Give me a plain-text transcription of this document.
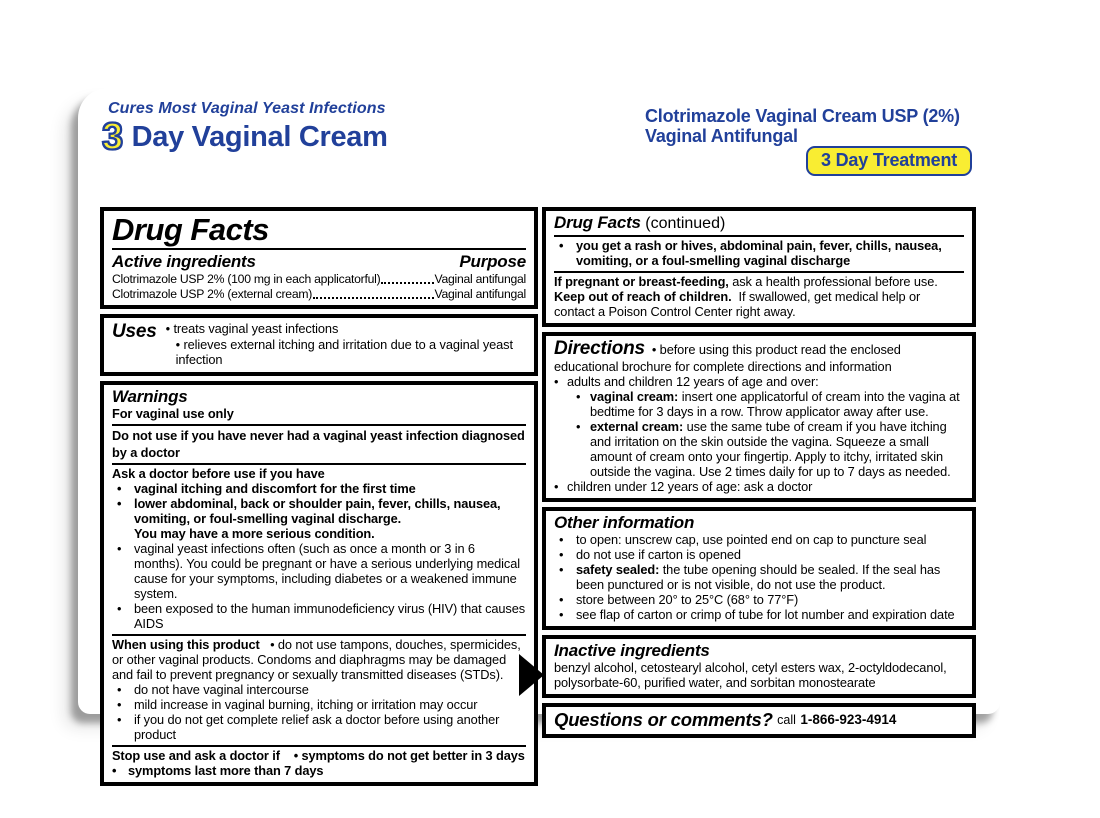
Cures Most Vaginal Yeast Infections
3 Day Vaginal Cream
Clotrimazole Vaginal Cream USP (2%)
Vaginal Antifungal
3 Day Treatment
Drug Facts
Active ingredients	Purpose
Clotrimazole USP 2% (100 mg in each applicatorful)	Vaginal antifungal
Clotrimazole USP 2% (external cream)	Vaginal antifungal
Uses	• treats vaginal yeast infections
• relieves external itching and irritation due to a vaginal yeast infection
Warnings
For vaginal use only
Do not use if you have never had a vaginal yeast infection diagnosed by a doctor
Ask a doctor before use if you have
• vaginal itching and discomfort for the first time
• lower abdominal, back or shoulder pain, fever, chills, nausea, vomiting, or foul-smelling vaginal discharge.
You may have a more serious condition.
• vaginal yeast infections often (such as once a month or 3 in 6 months). You could be pregnant or have a serious underlying medical cause for your symptoms, including diabetes or a weakened immune system.
• been exposed to the human immunodeficiency virus (HIV) that causes AIDS
When using this product • do not use tampons, douches, spermicides, or other vaginal products. Condoms and diaphragms may be damaged and fail to prevent pregnancy or sexually transmitted diseases (STDs).
• do not have vaginal intercourse
• mild increase in vaginal burning, itching or irritation may occur
• if you do not get complete relief ask a doctor before using another product
Stop use and ask a doctor if • symptoms do not get better in 3 days
• symptoms last more than 7 days
Drug Facts (continued)
• you get a rash or hives, abdominal pain, fever, chills, nausea, vomiting, or a foul-smelling vaginal discharge
If pregnant or breast-feeding, ask a health professional before use.
Keep out of reach of children. If swallowed, get medical help or contact a Poison Control Center right away.
Directions • before using this product read the enclosed educational brochure for complete directions and information
• adults and children 12 years of age and over:
• vaginal cream: insert one applicatorful of cream into the vagina at bedtime for 3 days in a row. Throw applicator away after use.
• external cream: use the same tube of cream if you have itching and irritation on the skin outside the vagina. Squeeze a small amount of cream onto your fingertip. Apply to itchy, irritated skin outside the vagina. Use 2 times daily for up to 7 days as needed.
• children under 12 years of age: ask a doctor
Other information
• to open: unscrew cap, use pointed end on cap to puncture seal
• do not use if carton is opened
• safety sealed: the tube opening should be sealed. If the seal has been punctured or is not visible, do not use the product.
• store between 20° to 25°C (68° to 77°F)
• see flap of carton or crimp of tube for lot number and expiration date
Inactive ingredients
benzyl alcohol, cetostearyl alcohol, cetyl esters wax, 2-octyldodecanol, polysorbate-60, purified water, and sorbitan monostearate
Questions or comments?
call
1-866-923-4914
